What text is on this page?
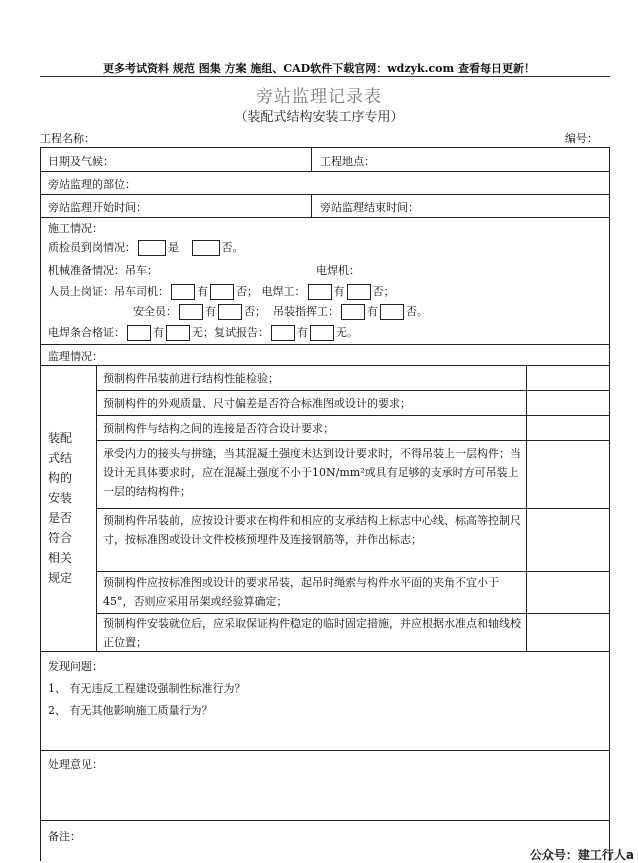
更多考试资料 规范 图集 方案 施组、CAD软件下载官网：wdzyk.com 查看每日更新！
旁站监理记录表
（装配式结构安装工序专用）
工程名称：	编号：
日期及气候：	工程地点：
旁站监理的部位：
旁站监理开始时间：	旁站监理结束时间：
施工情况：
质检员到岗情况：	是	否。
机械准备情况：吊车：	电焊机：
人员上岗证：吊车司机：	有	否； 电焊工：	有	否；
安全员：	有	否； 吊装指挥工：	有	否。
电焊条合格证：	有	无；复试报告：	有	无。
监理情况：
装配
式结
构的
安装
是否
符合
相关
规定
预制构件吊装前进行结构性能检验；
预制构件的外观质量、尺寸偏差是否符合标准图或设计的要求；
预制构件与结构之间的连接是否符合设计要求；
承受内力的接头与拼缝，当其混凝土强度未达到设计要求时，不得吊装上一层构件；当设计无具体要求时，应在混凝土强度不小于10N/mm²或具有足够的支承时方可吊装上一层的结构构件；
预制构件吊装前，应按设计要求在构件和相应的支承结构上标志中心线、标高等控制尺寸，按标准图或设计文件校核预埋件及连接钢筋等，并作出标志；
预制构件应按标准图或设计的要求吊装，起吊时绳索与构件水平面的夹角不宜小于45°，否则应采用吊架或经验算确定；
预制构件安装就位后，应采取保证构件稳定的临时固定措施，并应根据水准点和轴线校正位置；
发现问题：
1、 有无违反工程建设强制性标准行为？
2、 有无其他影响施工质量行为？
处理意见：
备注：
公众号：建工行人a
